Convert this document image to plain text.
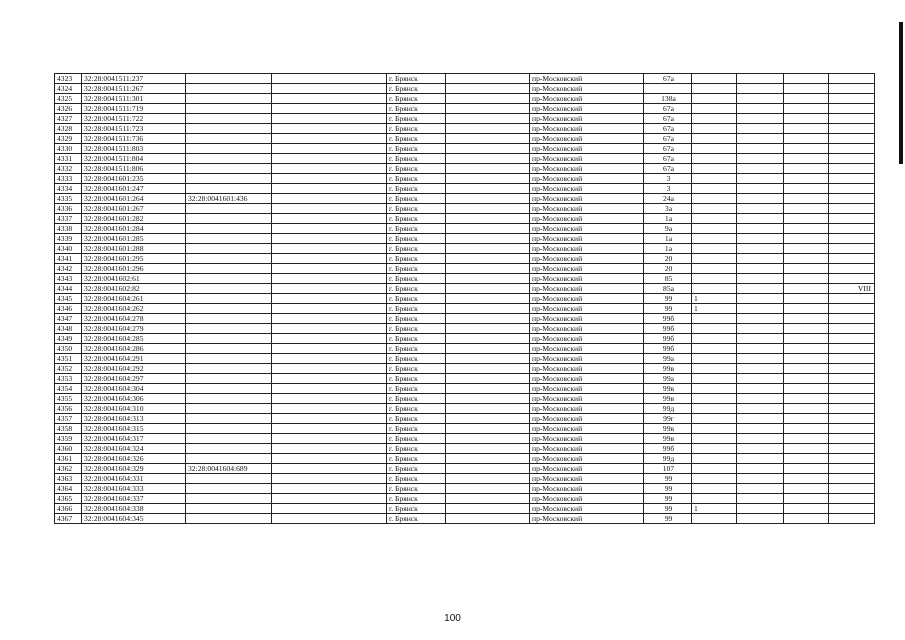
4323	32:28:0041511:237			г. Брянск		пр-Московский	67а				
4324	32:28:0041511:267			г. Брянск		пр-Московский					
4325	32:28:0041511:301			г. Брянск		пр-Московский	138а				
4326	32:28:0041511:719			г. Брянск		пр-Московский	67а				
4327	32:28:0041511:722			г. Брянск		пр-Московский	67а				
4328	32:28:0041511:723			г. Брянск		пр-Московский	67а				
4329	32:28:0041511:736			г. Брянск		пр-Московский	67а				
4330	32:28:0041511:803			г. Брянск		пр-Московский	67а				
4331	32:28:0041511:804			г. Брянск		пр-Московский	67а				
4332	32:28:0041511:806			г. Брянск		пр-Московский	67а				
4333	32:28:0041601:235			г. Брянск		пр-Московский	3				
4334	32:28:0041601:247			г. Брянск		пр-Московский	3				
4335	32:28:0041601:264	32:28:0041601:436		г. Брянск		пр-Московский	24а				
4336	32:28:0041601:267			г. Брянск		пр-Московский	3а				
4337	32:28:0041601:282			г. Брянск		пр-Московский	1а				
4338	32:28:0041601:284			г. Брянск		пр-Московский	9а				
4339	32:28:0041601:285			г. Брянск		пр-Московский	1а				
4340	32:28:0041601:288			г. Брянск		пр-Московский	1а				
4341	32:28:0041601:295			г. Брянск		пр-Московский	20				
4342	32:28:0041601:296			г. Брянск		пр-Московский	20				
4343	32:28:0041602:61			г. Брянск		пр-Московский	85				
4344	32:28:0041602:82			г. Брянск		пр-Московский	85а				VIII
4345	32:28:0041604:261			г. Брянск		пр-Московский	99	1			
4346	32:28:0041604:262			г. Брянск		пр-Московский	99	1			
4347	32:28:0041604:278			г. Брянск		пр-Московский	99б				
4348	32:28:0041604:279			г. Брянск		пр-Московский	99б				
4349	32:28:0041604:285			г. Брянск		пр-Московский	99б				
4350	32:28:0041604:286			г. Брянск		пр-Московский	99б				
4351	32:28:0041604:291			г. Брянск		пр-Московский	99а				
4352	32:28:0041604:292			г. Брянск		пр-Московский	99в				
4353	32:28:0041604:297			г. Брянск		пр-Московский	99а				
4354	32:28:0041604:304			г. Брянск		пр-Московский	99в				
4355	32:28:0041604:306			г. Брянск		пр-Московский	99в				
4356	32:28:0041604:310			г. Брянск		пр-Московский	99д				
4357	32:28:0041604:313			г. Брянск		пр-Московский	99г				
4358	32:28:0041604:315			г. Брянск		пр-Московский	99в				
4359	32:28:0041604:317			г. Брянск		пр-Московский	99в				
4360	32:28:0041604:324			г. Брянск		пр-Московский	99б				
4361	32:28:0041604:326			г. Брянск		пр-Московский	99д				
4362	32:28:0041604:329	32:28:0041604:689		г. Брянск		пр-Московский	107				
4363	32:28:0041604:331			г. Брянск		пр-Московский	99				
4364	32:28:0041604:333			г. Брянск		пр-Московский	99				
4365	32:28:0041604:337			г. Брянск		пр-Московский	99				
4366	32:28:0041604:338			г. Брянск		пр-Московский	99	1			
4367	32:28:0041604:345			г. Брянск		пр-Московский	99				
100
